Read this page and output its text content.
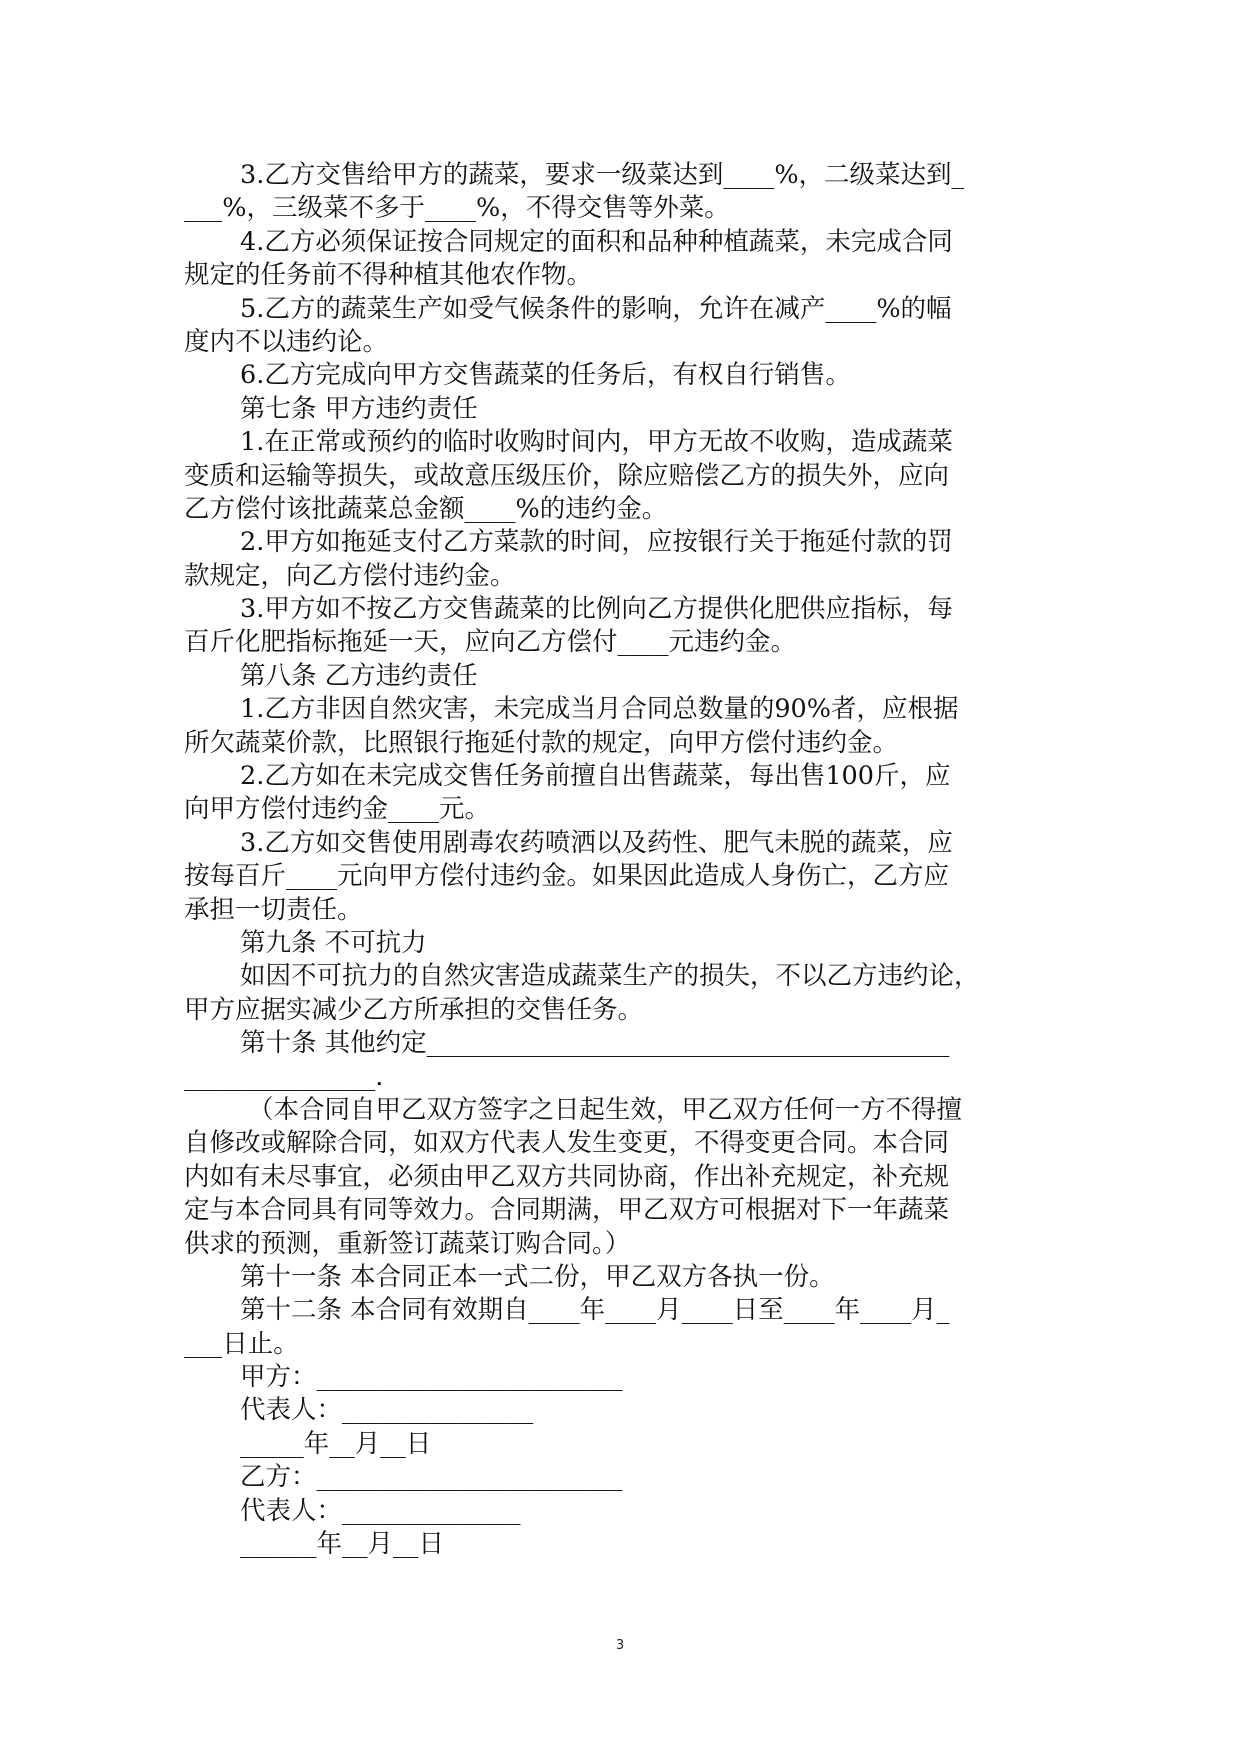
3.乙方交售给甲方的蔬菜，要求一级菜达到____%，二级菜达到_
___%，三级菜不多于____%，不得交售等外菜。
4.乙方必须保证按合同规定的面积和品种种植蔬菜，未完成合同
规定的任务前不得种植其他农作物。
5.乙方的蔬菜生产如受气候条件的影响，允许在减产____%的幅
度内不以违约论。
6.乙方完成向甲方交售蔬菜的任务后，有权自行销售。
第七条 甲方违约责任
1.在正常或预约的临时收购时间内，甲方无故不收购，造成蔬菜
变质和运输等损失，或故意压级压价，除应赔偿乙方的损失外，应向
乙方偿付该批蔬菜总金额____%的违约金。
2.甲方如拖延支付乙方菜款的时间，应按银行关于拖延付款的罚
款规定，向乙方偿付违约金。
3.甲方如不按乙方交售蔬菜的比例向乙方提供化肥供应指标，每
百斤化肥指标拖延一天，应向乙方偿付____元违约金。
第八条 乙方违约责任
1.乙方非因自然灾害，未完成当月合同总数量的90%者，应根据
所欠蔬菜价款，比照银行拖延付款的规定，向甲方偿付违约金。
2.乙方如在未完成交售任务前擅自出售蔬菜，每出售100斤，应
向甲方偿付违约金____元。
3.乙方如交售使用剧毒农药喷洒以及药性、肥气未脱的蔬菜，应
按每百斤____元向甲方偿付违约金。如果因此造成人身伤亡，乙方应
承担一切责任。
第九条 不可抗力
如因不可抗力的自然灾害造成蔬菜生产的损失，不以乙方违约论，
甲方应据实减少乙方所承担的交售任务。
第十条 其他约定_________________________________________
_______________.
（本合同自甲乙双方签字之日起生效，甲乙双方任何一方不得擅
自修改或解除合同，如双方代表人发生变更，不得变更合同。本合同
内如有未尽事宜，必须由甲乙双方共同协商，作出补充规定，补充规
定与本合同具有同等效力。合同期满，甲乙双方可根据对下一年蔬菜
供求的预测，重新签订蔬菜订购合同。）
第十一条 本合同正本一式二份，甲乙双方各执一份。
第十二条 本合同有效期自____年____月____日至____年____月_
___日止。
甲方：________________________
代表人：_______________
_____年__月__日
乙方：________________________
代表人：______________
______年__月__日
3
